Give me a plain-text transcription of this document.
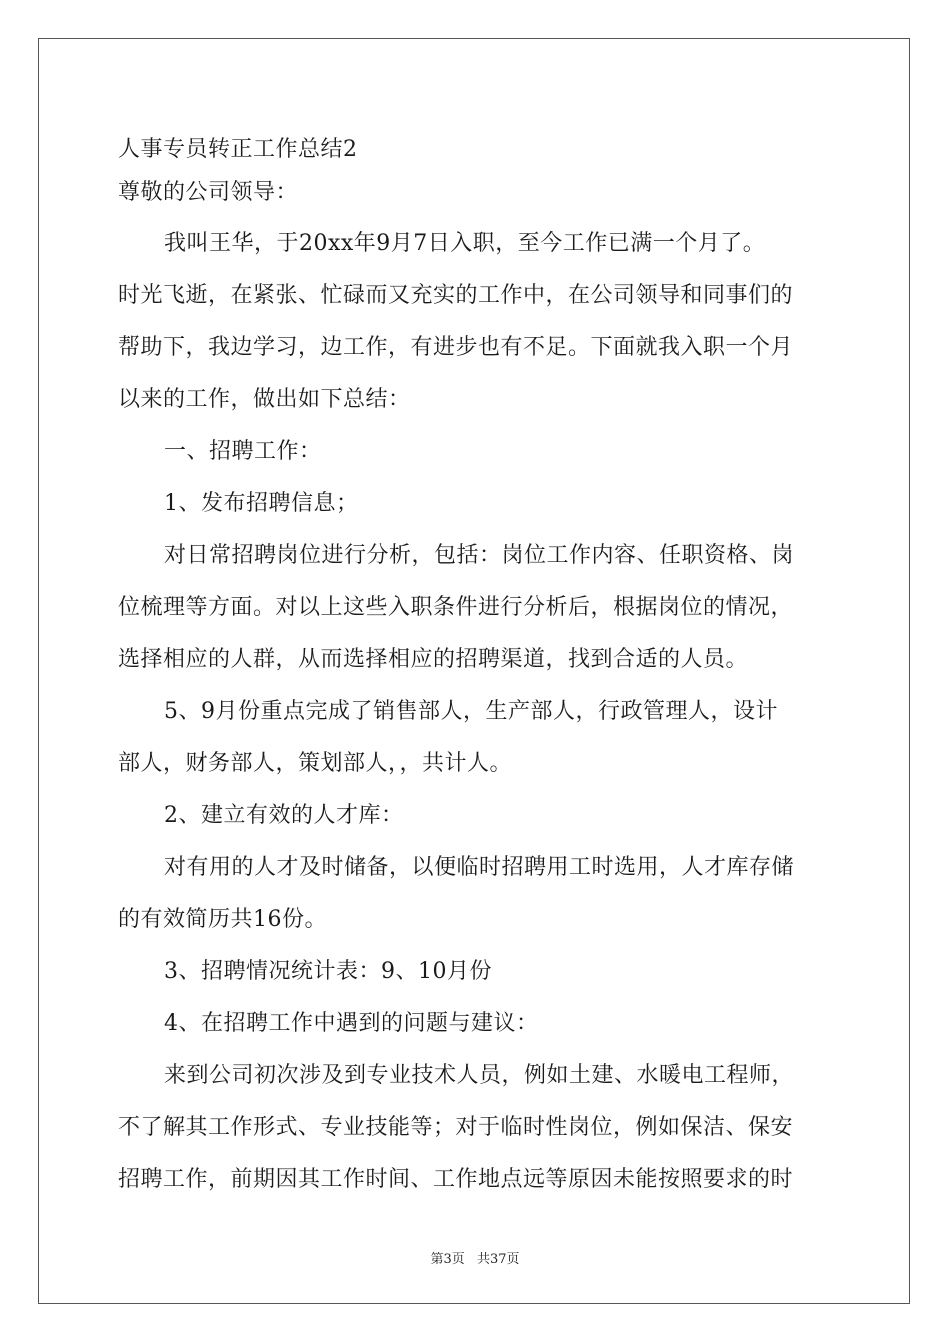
人事专员转正工作总结2

尊敬的公司领导：

我叫王华，于20xx年9月7日入职，至今工作已满一个月了。

时光飞逝，在紧张、忙碌而又充实的工作中，在公司领导和同事们的

帮助下，我边学习，边工作，有进步也有不足。下面就我入职一个月

以来的工作，做出如下总结：

一、招聘工作：

1、发布招聘信息；

对日常招聘岗位进行分析，包括：岗位工作内容、任职资格、岗

位梳理等方面。对以上这些入职条件进行分析后，根据岗位的情况，

选择相应的人群，从而选择相应的招聘渠道，找到合适的人员。

5、9月份重点完成了销售部人，生产部人，行政管理人，设计

部人，财务部人，策划部人，，共计人。

2、建立有效的人才库：

对有用的人才及时储备，以便临时招聘用工时选用，人才库存储

的有效简历共16份。

3、招聘情况统计表：9、10月份

4、在招聘工作中遇到的问题与建议：

来到公司初次涉及到专业技术人员，例如土建、水暖电工程师，

不了解其工作形式、专业技能等；对于临时性岗位，例如保洁、保安

招聘工作，前期因其工作时间、工作地点远等原因未能按照要求的时

第3页 共37页
